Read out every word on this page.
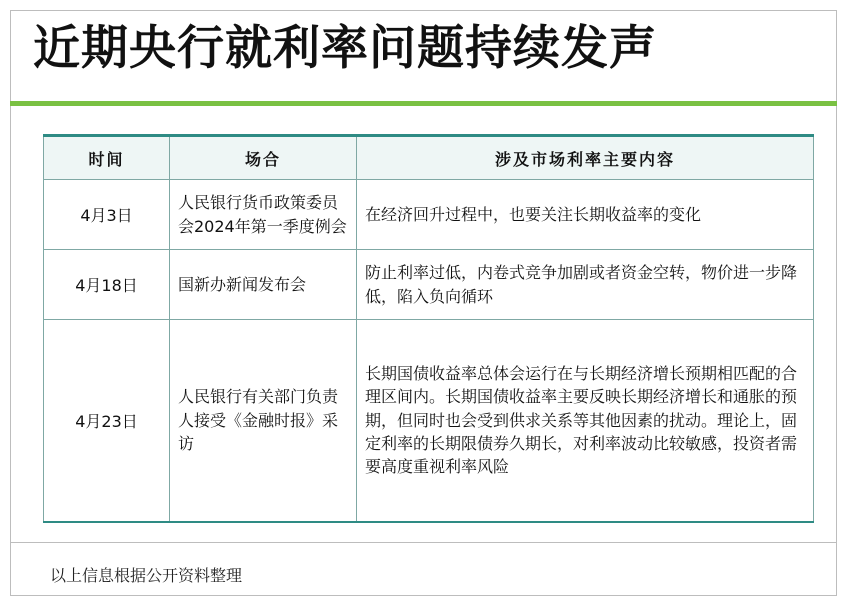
近期央行就利率问题持续发声
时间	场合	涉及市场利率主要内容
4月3日	人民银行货币政策委员会2024年第一季度例会	在经济回升过程中，也要关注长期收益率的变化
4月18日	国新办新闻发布会	防止利率过低，内卷式竞争加剧或者资金空转，物价进一步降低，陷入负向循环
4月23日	人民银行有关部门负责人接受《金融时报》采访	长期国债收益率总体会运行在与长期经济增长预期相匹配的合理区间内。长期国债收益率主要反映长期经济增长和通胀的预期，但同时也会受到供求关系等其他因素的扰动。理论上，固定利率的长期限债券久期长，对利率波动比较敏感，投资者需要高度重视利率风险

以上信息根据公开资料整理
